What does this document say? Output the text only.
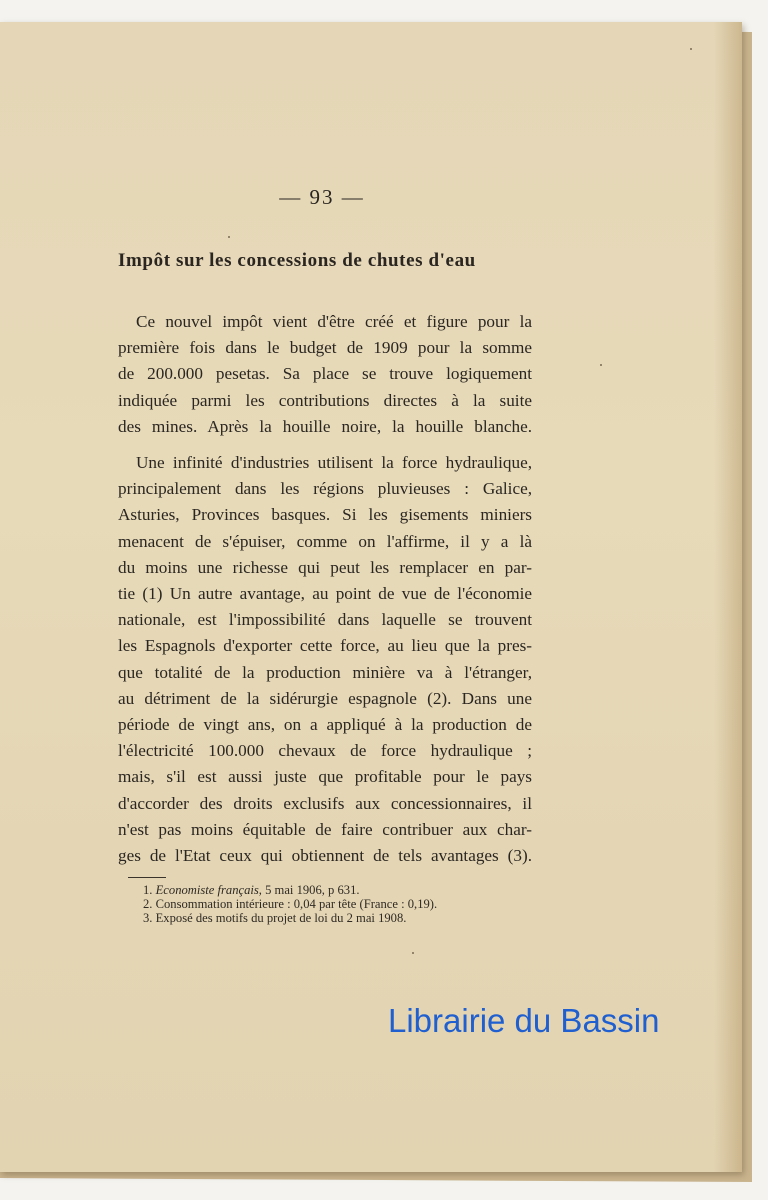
— 93 —
Impôt sur les concessions de chutes d'eau
Ce nouvel impôt vient d'être créé et figure pour la
première fois dans le budget de 1909 pour la somme
de 200.000 pesetas. Sa place se trouve logiquement
indiquée parmi les contributions directes à la suite
des mines. Après la houille noire, la houille blanche.
Une infinité d'industries utilisent la force hydraulique,
principalement dans les régions pluvieuses : Galice,
Asturies, Provinces basques. Si les gisements miniers
menacent de s'épuiser, comme on l'affirme, il y a là
du moins une richesse qui peut les remplacer en par-
tie (1) Un autre avantage, au point de vue de l'économie
nationale, est l'impossibilité dans laquelle se trouvent
les Espagnols d'exporter cette force, au lieu que la pres-
que totalité de la production minière va à l'étranger,
au détriment de la sidérurgie espagnole (2). Dans une
période de vingt ans, on a appliqué à la production de
l'électricité 100.000 chevaux de force hydraulique ;
mais, s'il est aussi juste que profitable pour le pays
d'accorder des droits exclusifs aux concessionnaires, il
n'est pas moins équitable de faire contribuer aux char-
ges de l'Etat ceux qui obtiennent de tels avantages (3).
1. Economiste français, 5 mai 1906, p 631.
2. Consommation intérieure : 0,04 par tête (France : 0,19).
3. Exposé des motifs du projet de loi du 2 mai 1908.
Librairie du Bassin
